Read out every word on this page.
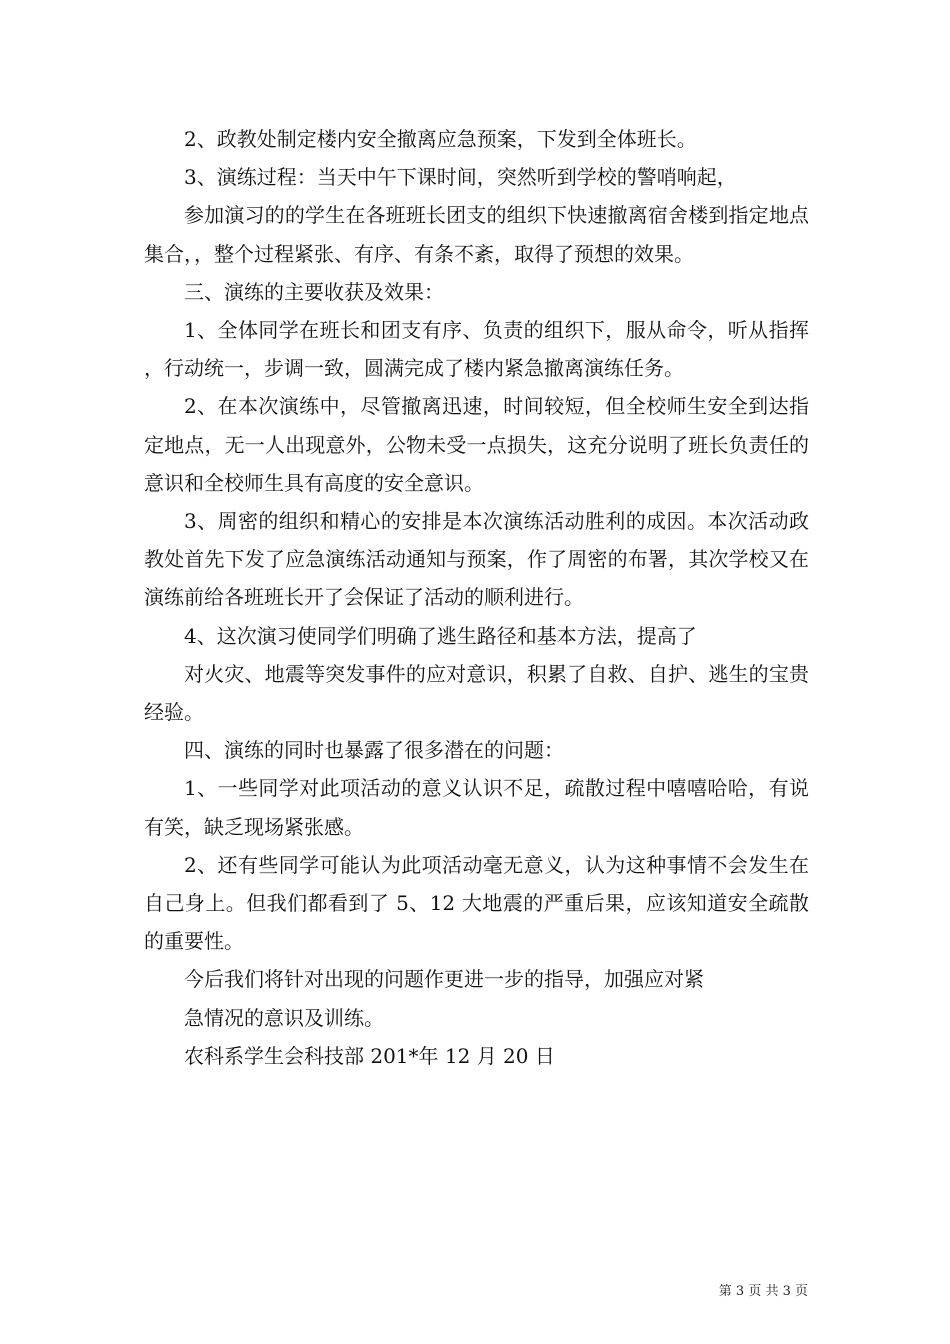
2、政教处制定楼内安全撤离应急预案，下发到全体班长。

3、演练过程：当天中午下课时间，突然听到学校的警哨响起，

参加演习的的学生在各班班长团支的组织下快速撤离宿舍楼到指定地点集合，，整个过程紧张、有序、有条不紊，取得了预想的效果。

三、演练的主要收获及效果：

1、全体同学在班长和团支有序、负责的组织下，服从命令，听从指挥，行动统一，步调一致，圆满完成了楼内紧急撤离演练任务。

2、在本次演练中，尽管撤离迅速，时间较短，但全校师生安全到达指定地点，无一人出现意外，公物未受一点损失，这充分说明了班长负责任的意识和全校师生具有高度的安全意识。

3、周密的组织和精心的安排是本次演练活动胜利的成因。本次活动政教处首先下发了应急演练活动通知与预案，作了周密的布署，其次学校又在演练前给各班班长开了会保证了活动的顺利进行。

4、这次演习使同学们明确了逃生路径和基本方法，提高了

对火灾、地震等突发事件的应对意识，积累了自救、自护、逃生的宝贵经验。

四、演练的同时也暴露了很多潜在的问题：

1、一些同学对此项活动的意义认识不足，疏散过程中嘻嘻哈哈，有说有笑，缺乏现场紧张感。

2、还有些同学可能认为此项活动毫无意义，认为这种事情不会发生在自己身上。但我们都看到了 5、12 大地震的严重后果，应该知道安全疏散的重要性。

今后我们将针对出现的问题作更进一步的指导，加强应对紧

急情况的意识及训练。

农科系学生会科技部 201*年 12 月 20 日

第 3 页 共 3 页
